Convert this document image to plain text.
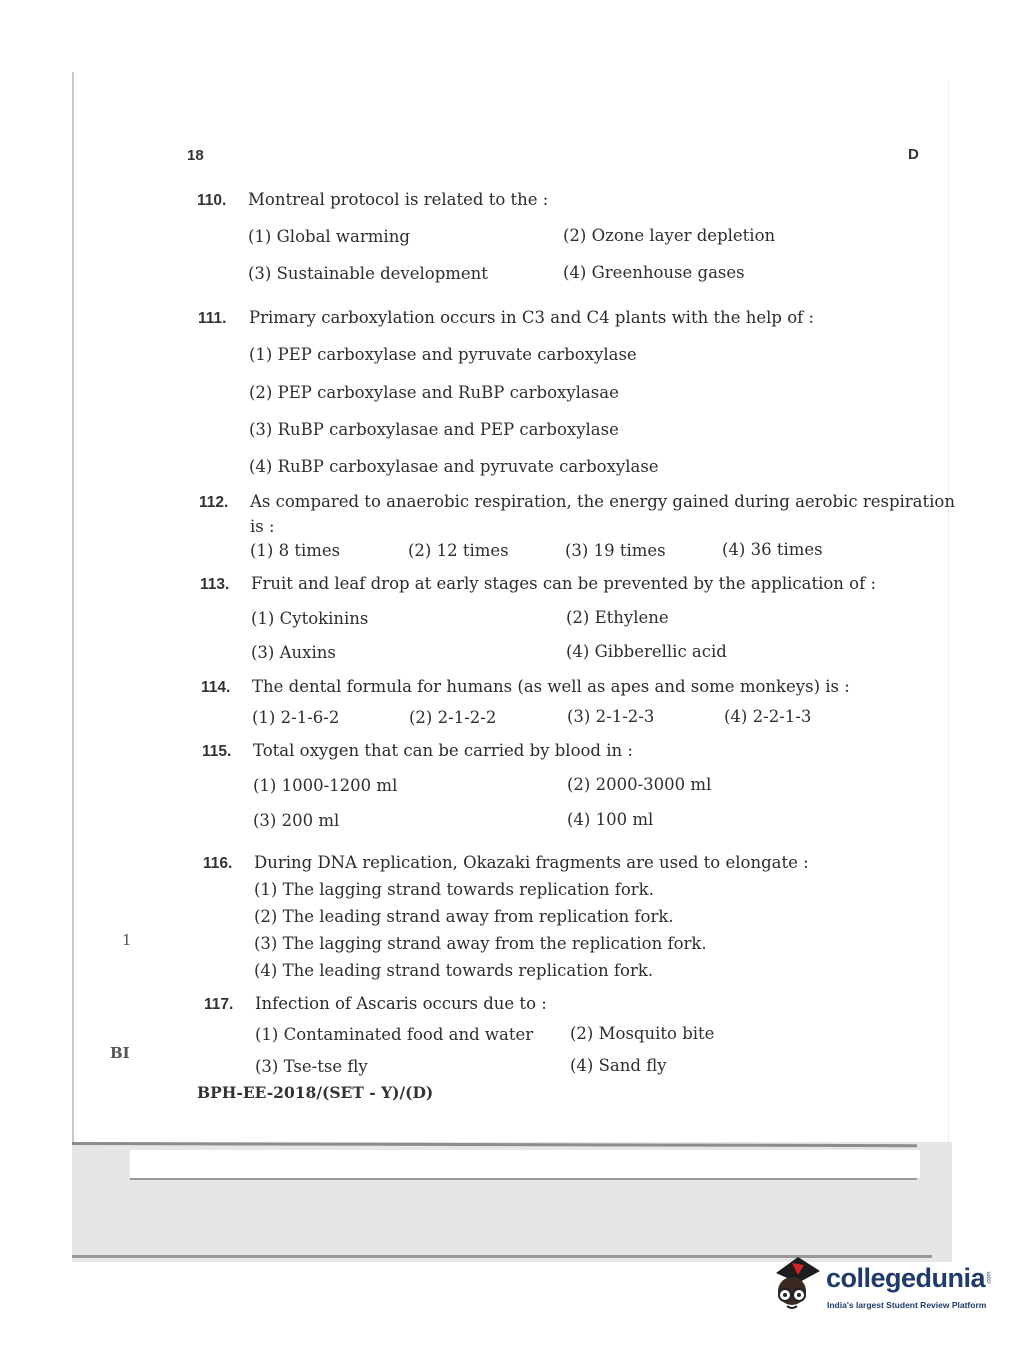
18	D
1
BI
110. Montreal protocol is related to the :
(1) Global warming	(2) Ozone layer depletion
(3) Sustainable development	(4) Greenhouse gases
111. Primary carboxylation occurs in C3 and C4 plants with the help of :
(1) PEP carboxylase and pyruvate carboxylase
(2) PEP carboxylase and RuBP carboxylasae
(3) RuBP carboxylasae and PEP carboxylase
(4) RuBP carboxylasae and pyruvate carboxylase
112. As compared to anaerobic respiration, the energy gained during aerobic respiration
is :
(1) 8 times	(2) 12 times	(3) 19 times	(4) 36 times
113. Fruit and leaf drop at early stages can be prevented by the application of :
(1) Cytokinins	(2) Ethylene
(3) Auxins	(4) Gibberellic acid
114. The dental formula for humans (as well as apes and some monkeys) is :
(1) 2-1-6-2	(2) 2-1-2-2	(3) 2-1-2-3	(4) 2-2-1-3
115. Total oxygen that can be carried by blood in :
(1) 1000-1200 ml	(2) 2000-3000 ml
(3) 200 ml	(4) 100 ml
116. During DNA replication, Okazaki fragments are used to elongate :
(1) The lagging strand towards replication fork.
(2) The leading strand away from replication fork.
(3) The lagging strand away from the replication fork.
(4) The leading strand towards replication fork.
117. Infection of Ascaris occurs due to :
(1) Contaminated food and water (2) Mosquito bite
(3) Tse-tse fly	(4) Sand fly
BPH-EE-2018/(SET - Y)/(D)
collegedunia .com
India's largest Student Review Platform
